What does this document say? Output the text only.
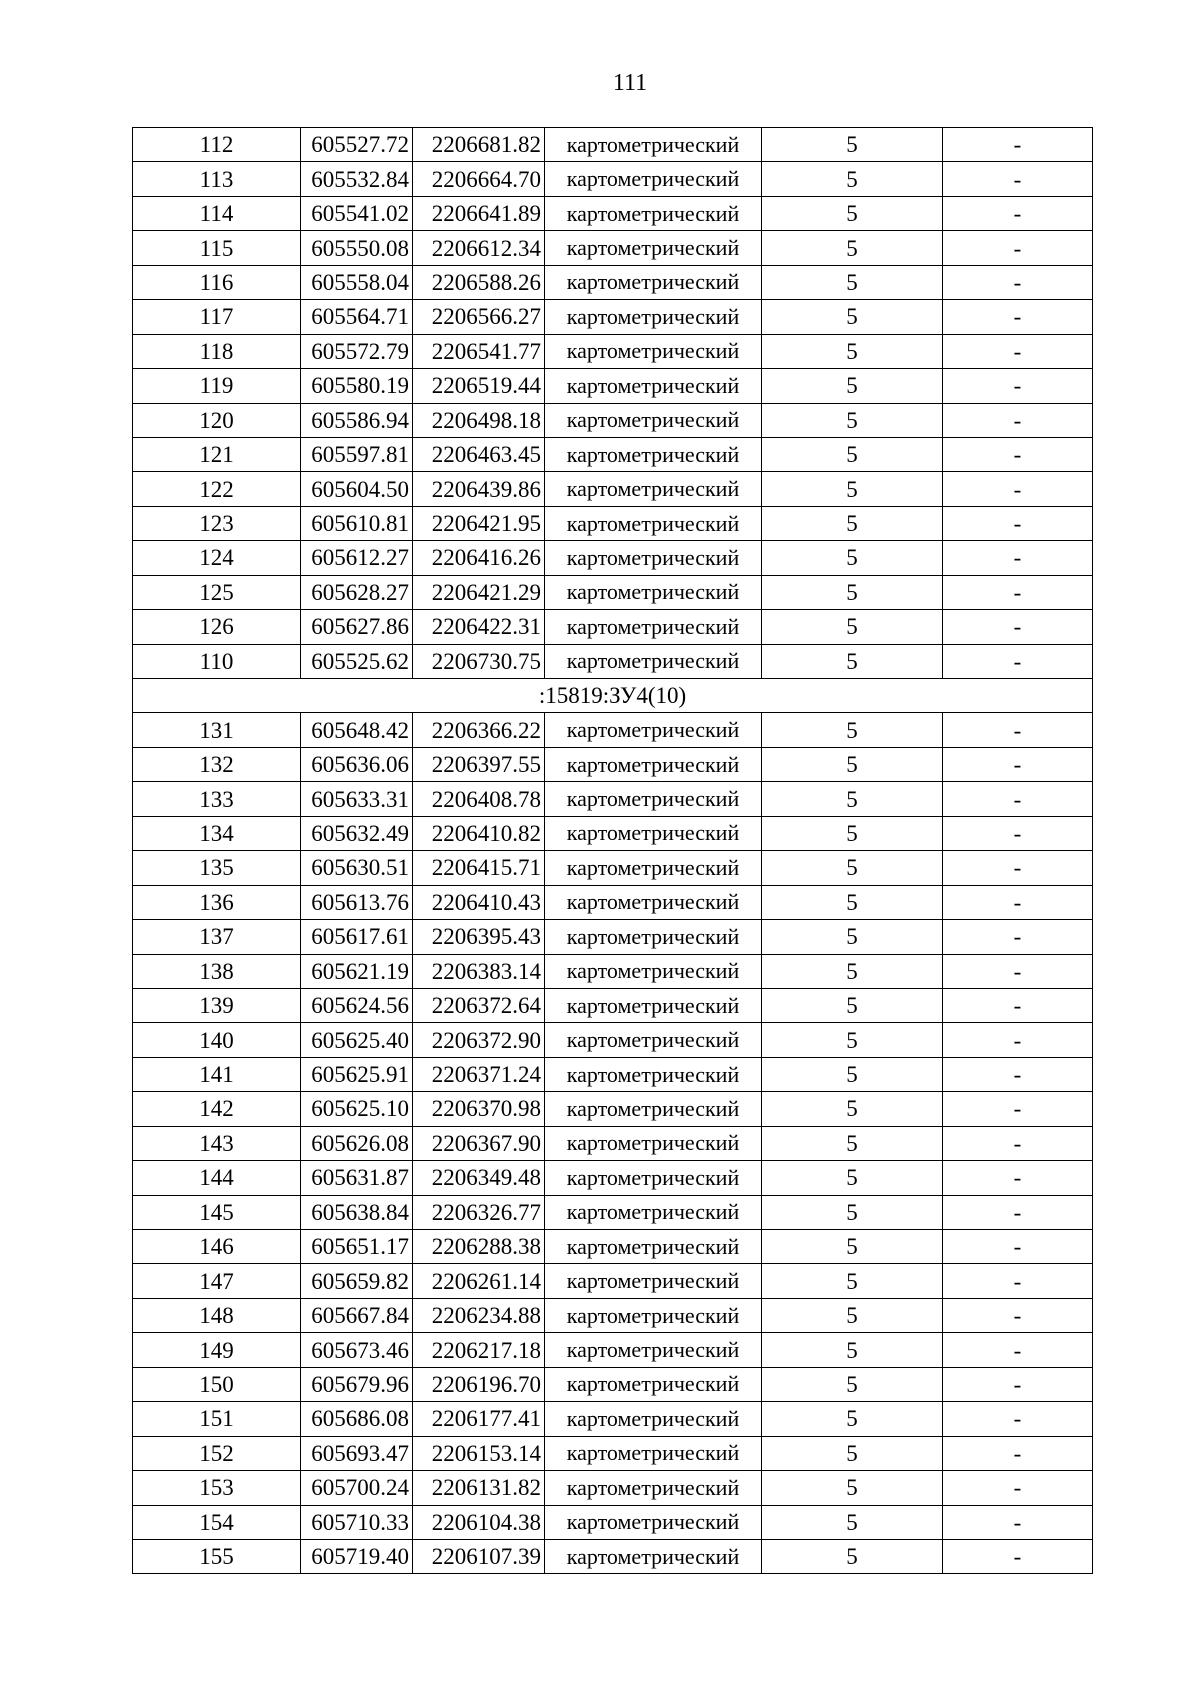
111
112	605527.72	2206681.82	картометрический	5	-
113	605532.84	2206664.70	картометрический	5	-
114	605541.02	2206641.89	картометрический	5	-
115	605550.08	2206612.34	картометрический	5	-
116	605558.04	2206588.26	картометрический	5	-
117	605564.71	2206566.27	картометрический	5	-
118	605572.79	2206541.77	картометрический	5	-
119	605580.19	2206519.44	картометрический	5	-
120	605586.94	2206498.18	картометрический	5	-
121	605597.81	2206463.45	картометрический	5	-
122	605604.50	2206439.86	картометрический	5	-
123	605610.81	2206421.95	картометрический	5	-
124	605612.27	2206416.26	картометрический	5	-
125	605628.27	2206421.29	картометрический	5	-
126	605627.86	2206422.31	картометрический	5	-
110	605525.62	2206730.75	картометрический	5	-
:15819:ЗУ4(10)					
131	605648.42	2206366.22	картометрический	5	-
132	605636.06	2206397.55	картометрический	5	-
133	605633.31	2206408.78	картометрический	5	-
134	605632.49	2206410.82	картометрический	5	-
135	605630.51	2206415.71	картометрический	5	-
136	605613.76	2206410.43	картометрический	5	-
137	605617.61	2206395.43	картометрический	5	-
138	605621.19	2206383.14	картометрический	5	-
139	605624.56	2206372.64	картометрический	5	-
140	605625.40	2206372.90	картометрический	5	-
141	605625.91	2206371.24	картометрический	5	-
142	605625.10	2206370.98	картометрический	5	-
143	605626.08	2206367.90	картометрический	5	-
144	605631.87	2206349.48	картометрический	5	-
145	605638.84	2206326.77	картометрический	5	-
146	605651.17	2206288.38	картометрический	5	-
147	605659.82	2206261.14	картометрический	5	-
148	605667.84	2206234.88	картометрический	5	-
149	605673.46	2206217.18	картометрический	5	-
150	605679.96	2206196.70	картометрический	5	-
151	605686.08	2206177.41	картометрический	5	-
152	605693.47	2206153.14	картометрический	5	-
153	605700.24	2206131.82	картометрический	5	-
154	605710.33	2206104.38	картометрический	5	-
155	605719.40	2206107.39	картометрический	5	-
